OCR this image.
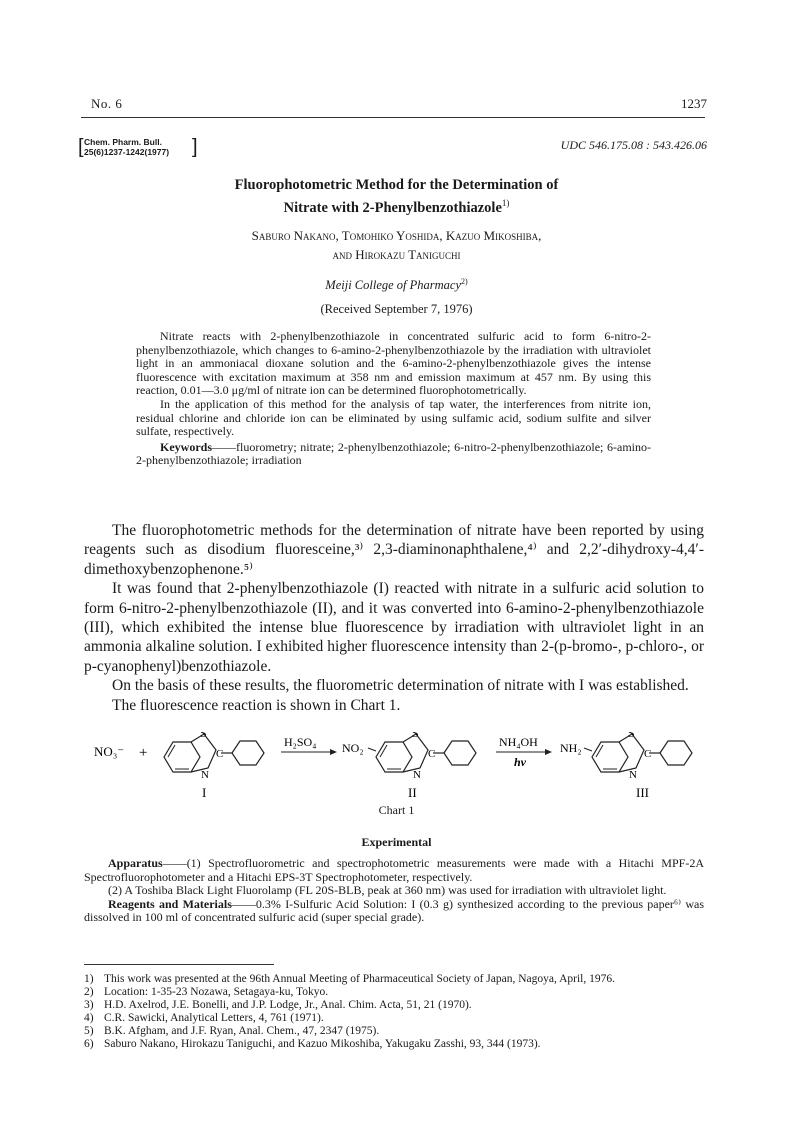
No. 6	1237
[ Chem. Pharm. Bull.
25(6)1237-1242(1977) ]	UDC 546.175.08 : 543.426.06
Fluorophotometric Method for the Determination of
Nitrate with 2-Phenylbenzothiazole$^{1)}$
Saburo Nakano, Tomohiko Yoshida, Kazuo Mikoshiba,
and Hirokazu Taniguchi
Meiji College of Pharmacy$^{2)}$
(Received September 7, 1976)

Nitrate reacts with 2-phenylbenzothiazole in concentrated sulfuric acid to form 6-nitro-2-phenylbenzothiazole, which changes to 6-amino-2-phenylbenzothiazole by the irradiation with ultraviolet light in an ammoniacal dioxane solution and the 6-amino-2-phenylbenzothiazole gives the intense fluorescence with excitation maximum at 358 nm and emission maximum at 457 nm. By using this reaction, 0.01—3.0 μg/ml of nitrate ion can be determined fluorophotometrically.

In the application of this method for the analysis of tap water, the interferences from nitrite ion, residual chlorine and chloride ion can be eliminated by using sulfamic acid, sodium sulfite and silver sulfate, respectively.

Keywords——fluorometry; nitrate; 2-phenylbenzothiazole; 6-nitro-2-phenylbenzothiazole; 6-amino-2-phenylbenzothiazole; irradiation

The fluorophotometric methods for the determination of nitrate have been reported by using reagents such as disodium fluoresceine,³⁾ 2,3-diaminonaphthalene,⁴⁾ and 2,2′-dihydroxy-4,4′-dimethoxybenzophenone.⁵⁾

It was found that 2-phenylbenzothiazole (I) reacted with nitrate in a sulfuric acid solution to form 6-nitro-2-phenylbenzothiazole (II), and it was converted into 6-amino-2-phenylbenzothiazole (III), which exhibited the intense blue fluorescence by irradiation with ultraviolet light in an ammonia alkaline solution. I exhibited higher fluorescence intensity than 2-(p-bromo-, p-chloro-, or p-cyanophenyl)benzothiazole.

On the basis of these results, the fluorometric determination of nitrate with I was established.

The fluorescence reaction is shown in Chart 1.

NO₃⁻ +
S
C
N
I
H₂SO₄ NO₂
S
C
N
II
NH₄OH
hν
NH₂
S
C
N
III
Chart 1
Experimental

Apparatus——(1) Spectrofluorometric and spectrophotometric measurements were made with a Hitachi MPF-2A Spectrofluorophotometer and a Hitachi EPS-3T Spectrophotometer, respectively.

(2) A Toshiba Black Light Fluorolamp (FL 20S-BLB, peak at 360 nm) was used for irradiation with ultraviolet light.

Reagents and Materials——0.3% I-Sulfuric Acid Solution: I (0.3 g) synthesized according to the previous paper⁶⁾ was dissolved in 100 ml of concentrated sulfuric acid (super special grade).

1) This work was presented at the 96th Annual Meeting of Pharmaceutical Society of Japan, Nagoya, April, 1976.
2) Location: 1-35-23 Nozawa, Setagaya-ku, Tokyo.
3) H.D. Axelrod, J.E. Bonelli, and J.P. Lodge, Jr., Anal. Chim. Acta, 51, 21 (1970).
4) C.R. Sawicki, Analytical Letters, 4, 761 (1971).
5) B.K. Afgham, and J.F. Ryan, Anal. Chem., 47, 2347 (1975).
6) Saburo Nakano, Hirokazu Taniguchi, and Kazuo Mikoshiba, Yakugaku Zasshi, 93, 344 (1973).
